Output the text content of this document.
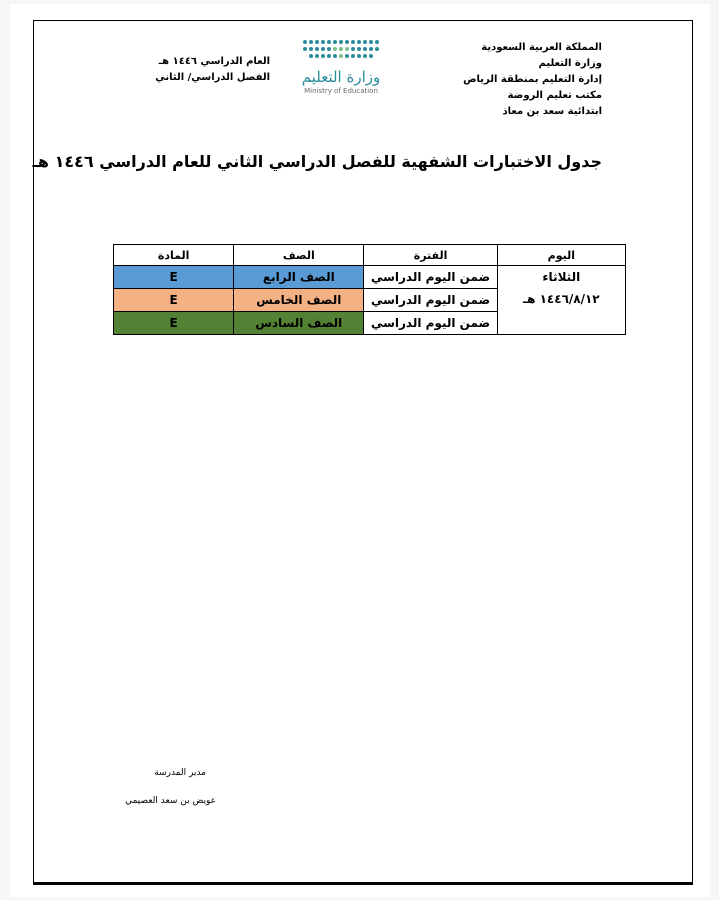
المملكة العربية السعودية
وزارة التعليم
إدارة التعليم بمنطقة الرياض
مكتب تعليم الروضة
ابتدائية سعد بن معاذ
وزارة التعليم
Ministry of Education
العام الدراسي ١٤٤٦ هـ
الفصل الدراسي/ الثاني
جدول الاختبارات الشفهية للفصل الدراسي الثاني للعام الدراسي ١٤٤٦ هـ
اليوم	الفترة	الصف	المادة

الثلاثاء
١٤٤٦/٨/١٢ هـ	ضمن اليوم الدراسي	الصف الرابع	E
	ضمن اليوم الدراسي	الصف الخامس	E
	ضمن اليوم الدراسي	الصف السادس	E
مدير المدرسة
عويض بن سعد العصيمي
